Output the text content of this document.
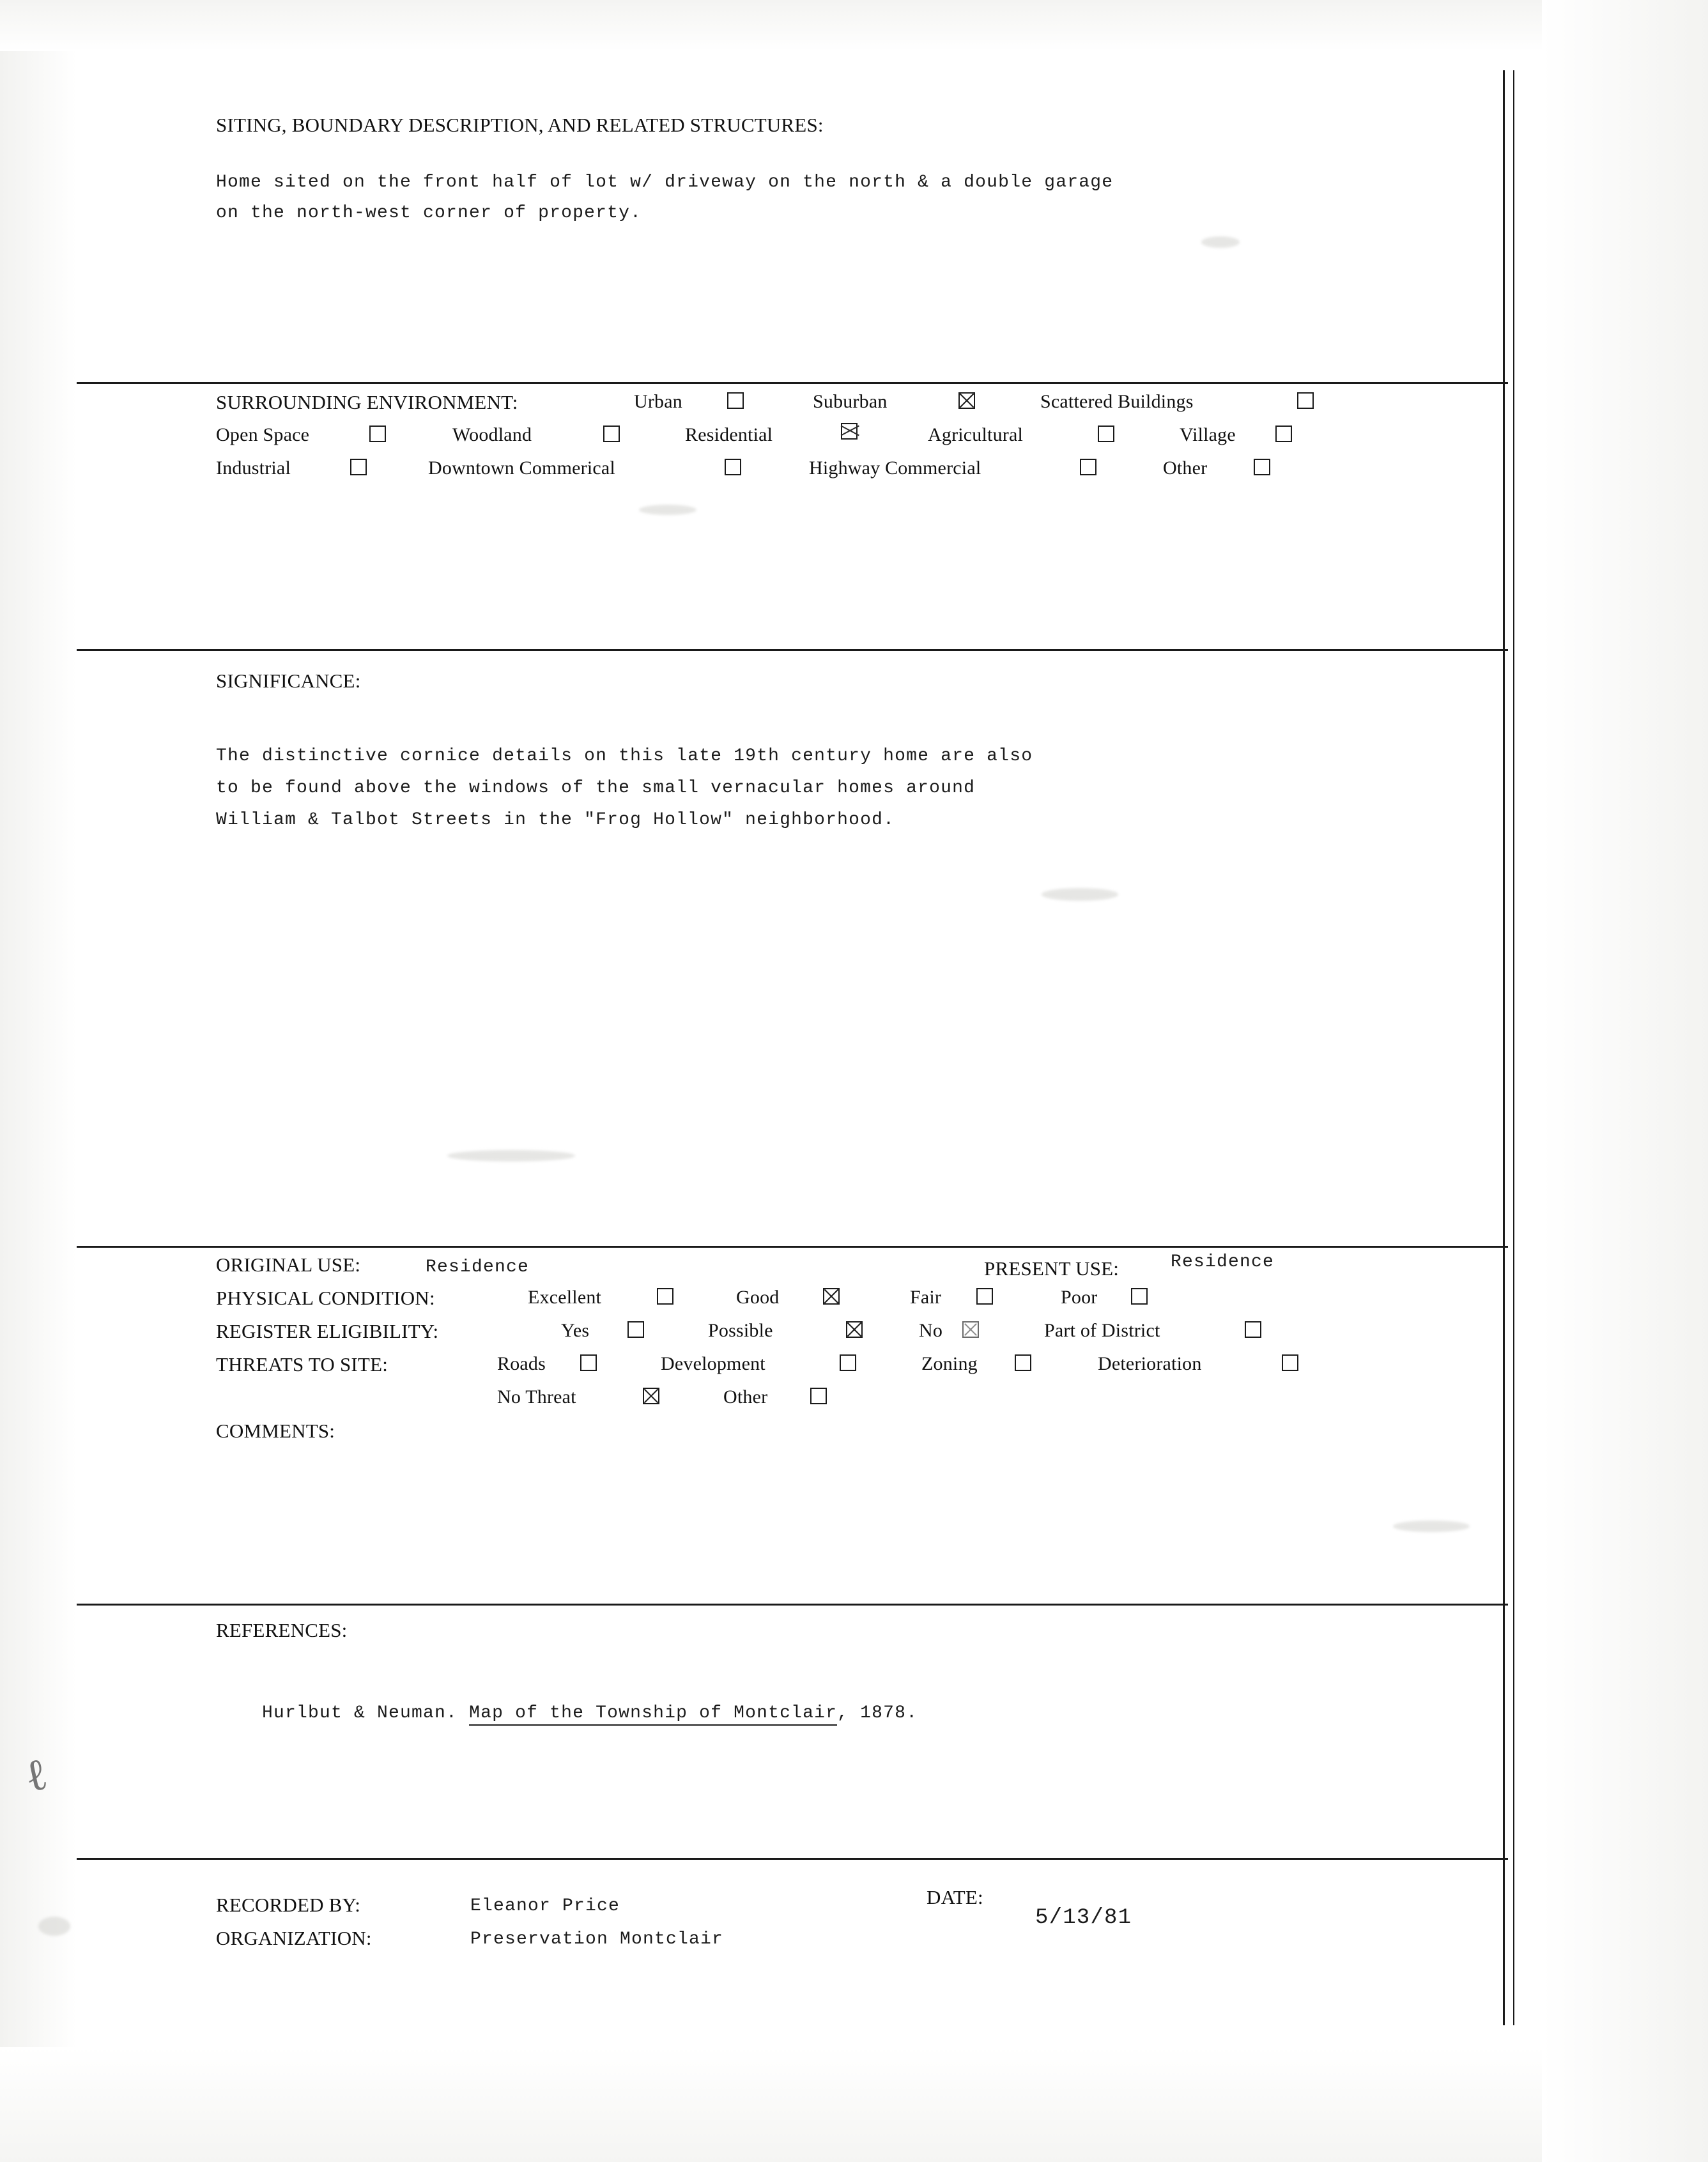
SITING, BOUNDARY DESCRIPTION, AND RELATED STRUCTURES:
Home sited on the front half of lot w/ driveway on the north & a double garage
on the north-west corner of property.
SURROUNDING ENVIRONMENT:	Urban	Suburban	Scattered Buildings
Open Space	Woodland	Residential	Agricultural	Village
Industrial	Downtown Commerical	Highway Commercial	Other
SIGNIFICANCE:
The distinctive cornice details on this late 19th century home are also
to be found above the windows of the small vernacular homes around
William & Talbot Streets in the "Frog Hollow" neighborhood.
ORIGINAL USE:	Residence	PRESENT USE:	Residence
PHYSICAL CONDITION:	Excellent	Good	Fair	Poor
REGISTER ELIGIBILITY:	Yes	Possible	No	Part of District
THREATS TO SITE:	Roads	Development	Zoning	Deterioration
No Threat	Other
COMMENTS:
REFERENCES:

Hurlbut & Neuman. Map of the Township of Montclair, 1878.

ℓ
RECORDED BY:	Eleanor Price	DATE:
5/13/81
ORGANIZATION:	Preservation Montclair
